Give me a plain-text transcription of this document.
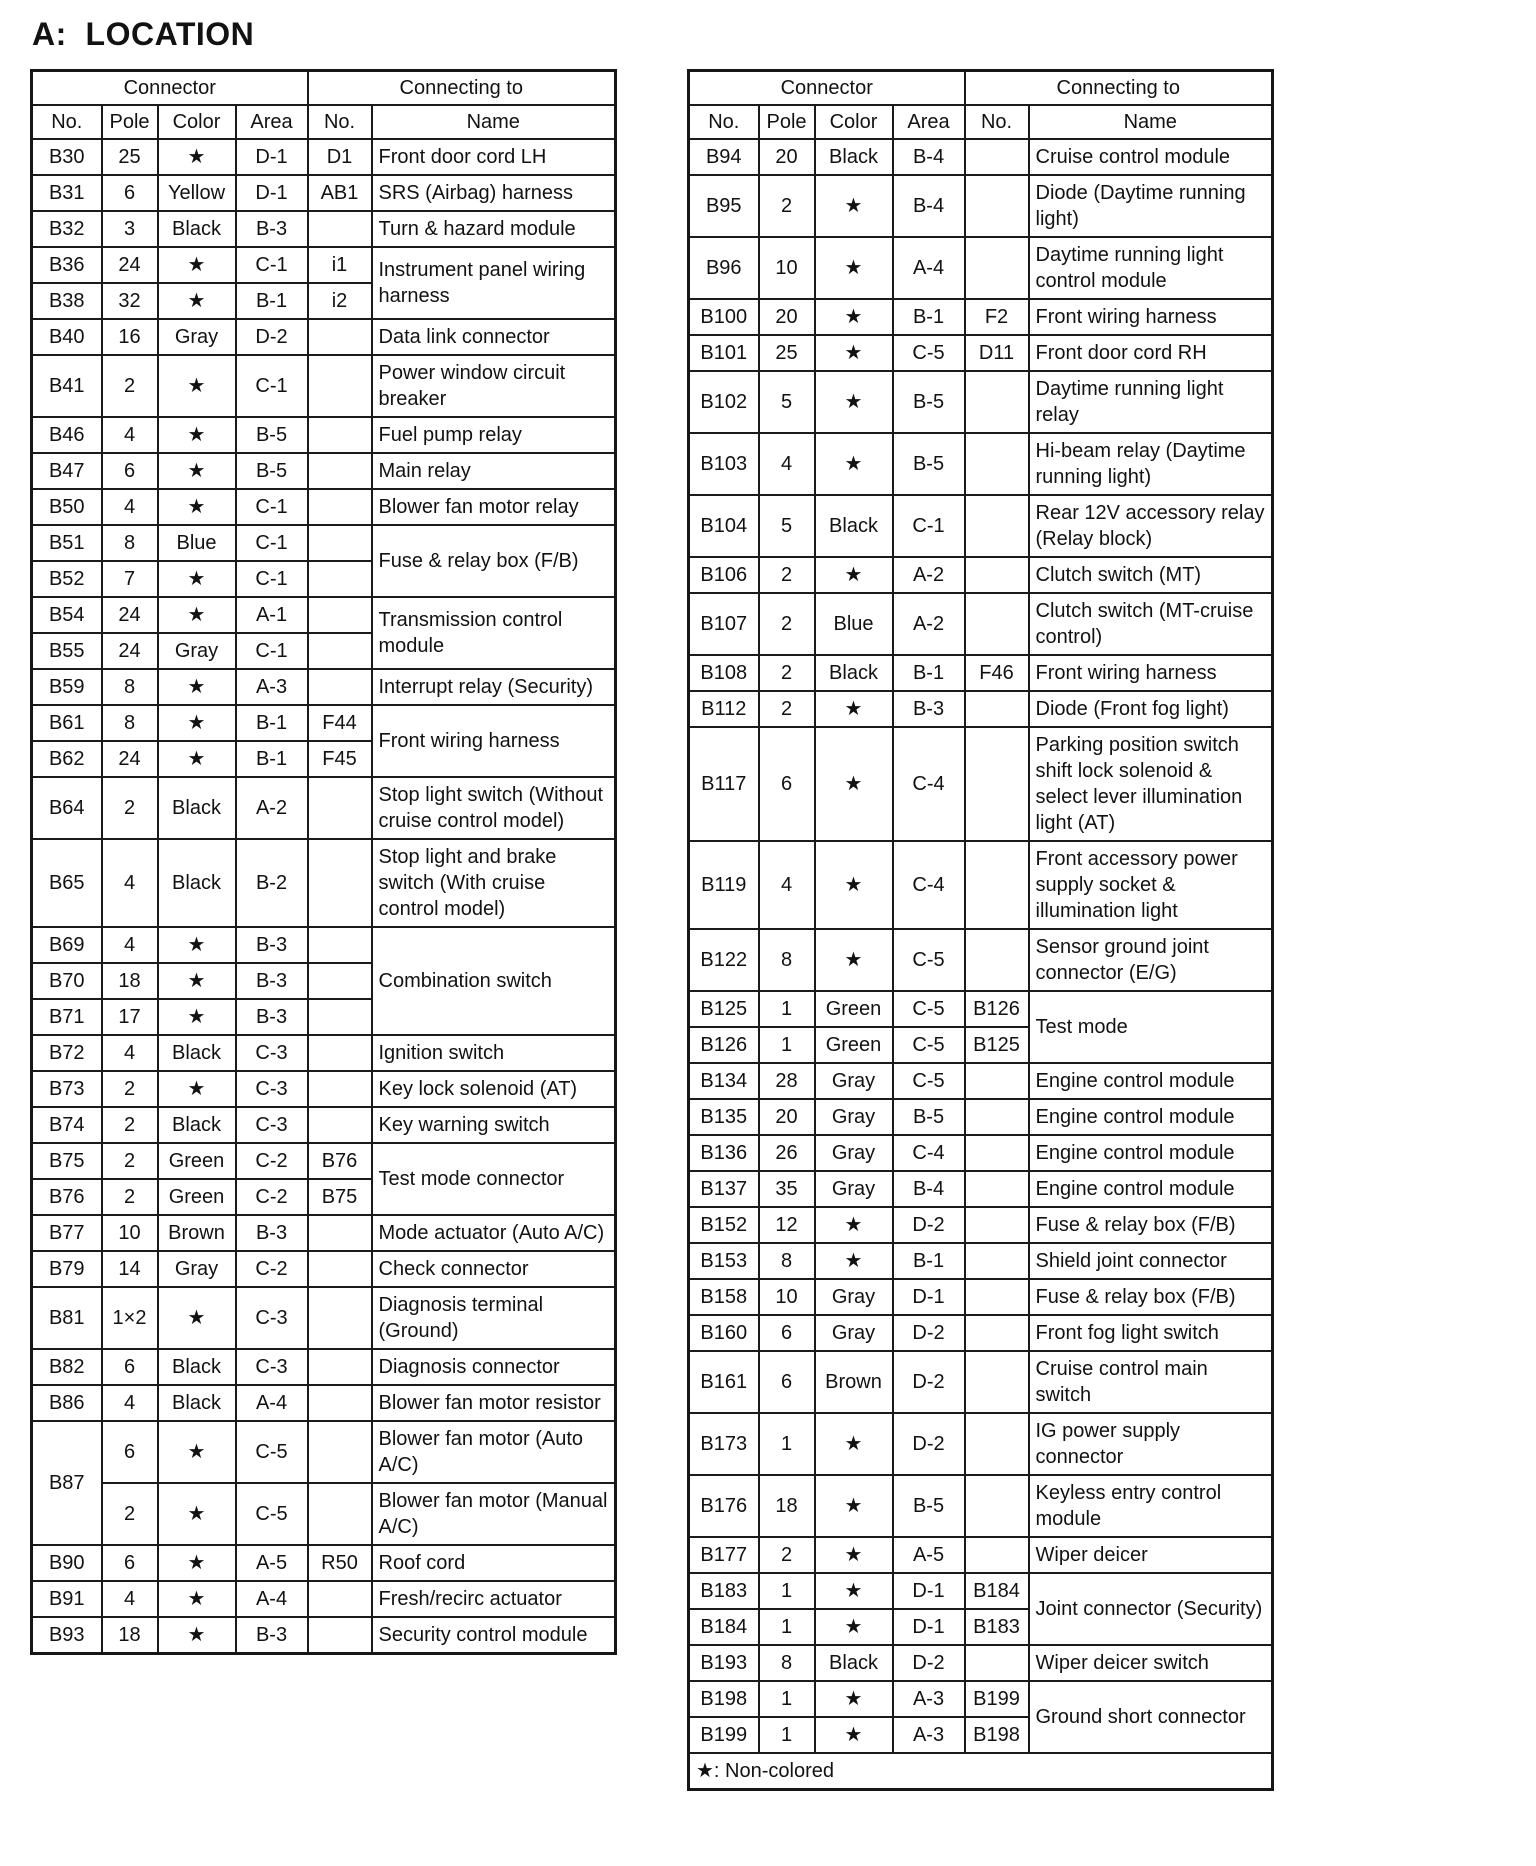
A:  LOCATION
Connector				Connecting to	
No.	Pole	Color	Area	No.	Name
B30	25	★	D-1	D1	Front door cord LH
B31	6	Yellow	D-1	AB1	SRS (Airbag) harness
B32	3	Black	B-3		Turn & hazard module
B36	24	★	C-1	i1	Instrument panel wiring harness
B38	32	★	B-1	i2	
B40	16	Gray	D-2		Data link connector
B41	2	★	C-1		Power window circuit breaker
B46	4	★	B-5		Fuel pump relay
B47	6	★	B-5		Main relay
B50	4	★	C-1		Blower fan motor relay
B51	8	Blue	C-1		Fuse & relay box (F/B)
B52	7	★	C-1		
B54	24	★	A-1		Transmission control module
B55	24	Gray	C-1		
B59	8	★	A-3		Interrupt relay (Security)
B61	8	★	B-1	F44	Front wiring harness
B62	24	★	B-1	F45	
B64	2	Black	A-2		Stop light switch (Without cruise control model)
B65	4	Black	B-2		Stop light and brake switch (With cruise control model)
B69	4	★	B-3		Combination switch
B70	18	★	B-3		
B71	17	★	B-3		
B72	4	Black	C-3		Ignition switch
B73	2	★	C-3		Key lock solenoid (AT)
B74	2	Black	C-3		Key warning switch
B75	2	Green	C-2	B76	Test mode connector
B76	2	Green	C-2	B75	
B77	10	Brown	B-3		Mode actuator (Auto A/C)
B79	14	Gray	C-2		Check connector
B81	1×2	★	C-3		Diagnosis terminal (Ground)
B82	6	Black	C-3		Diagnosis connector
B86	4	Black	A-4		Blower fan motor resistor
B87	6	★	C-5		Blower fan motor (Auto A/C)
	2	★	C-5		Blower fan motor (Manual A/C)
B90	6	★	A-5	R50	Roof cord
B91	4	★	A-4		Fresh/recirc actuator
B93	18	★	B-3		Security control module
Connector				Connecting to	
No.	Pole	Color	Area	No.	Name
B94	20	Black	B-4		Cruise control module
B95	2	★	B-4		Diode (Daytime running light)
B96	10	★	A-4		Daytime running light control module
B100	20	★	B-1	F2	Front wiring harness
B101	25	★	C-5	D11	Front door cord RH
B102	5	★	B-5		Daytime running light relay
B103	4	★	B-5		Hi-beam relay (Daytime running light)
B104	5	Black	C-1		Rear 12V accessory relay (Relay block)
B106	2	★	A-2		Clutch switch (MT)
B107	2	Blue	A-2		Clutch switch (MT-cruise control)
B108	2	Black	B-1	F46	Front wiring harness
B112	2	★	B-3		Diode (Front fog light)
B117	6	★	C-4		Parking position switch shift lock solenoid & select lever illumination light (AT)
B119	4	★	C-4		Front accessory power supply socket & illumination light
B122	8	★	C-5		Sensor ground joint connector (E/G)
B125	1	Green	C-5	B126	Test mode
B126	1	Green	C-5	B125	
B134	28	Gray	C-5		Engine control module
B135	20	Gray	B-5		Engine control module
B136	26	Gray	C-4		Engine control module
B137	35	Gray	B-4		Engine control module
B152	12	★	D-2		Fuse & relay box (F/B)
B153	8	★	B-1		Shield joint connector
B158	10	Gray	D-1		Fuse & relay box (F/B)
B160	6	Gray	D-2		Front fog light switch
B161	6	Brown	D-2		Cruise control main switch
B173	1	★	D-2		IG power supply connector
B176	18	★	B-5		Keyless entry control module
B177	2	★	A-5		Wiper deicer
B183	1	★	D-1	B184	Joint connector (Security)
B184	1	★	D-1	B183	
B193	8	Black	D-2		Wiper deicer switch
B198	1	★	A-3	B199	Ground short connector
B199	1	★	A-3	B198	
★: Non-colored					
